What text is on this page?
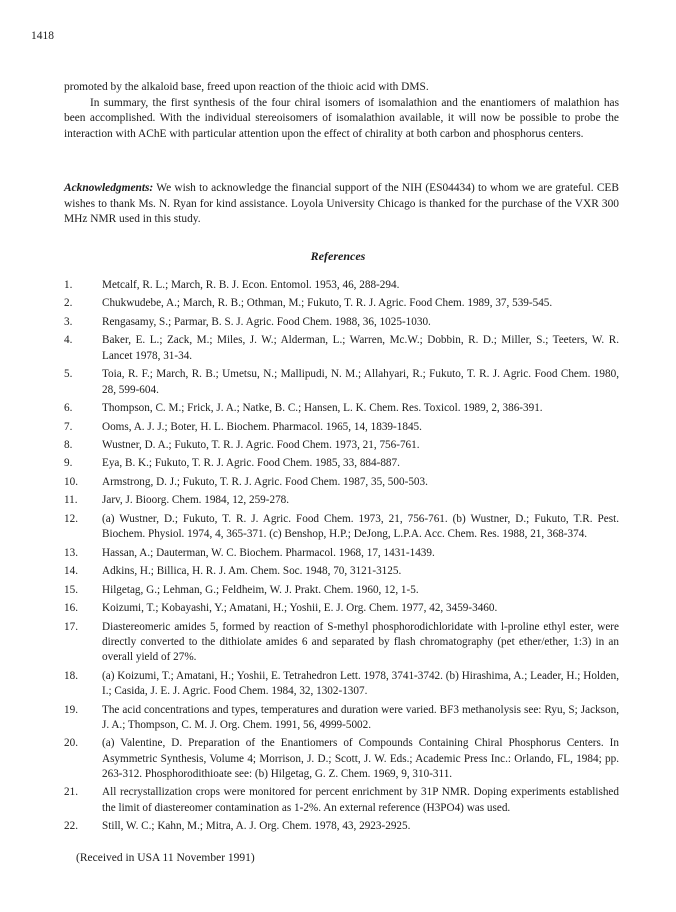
1418
promoted by the alkaloid base, freed upon reaction of the thioic acid with DMS.
In summary, the first synthesis of the four chiral isomers of isomalathion and the enantiomers of malathion has been accomplished. With the individual stereoisomers of isomalathion available, it will now be possible to probe the interaction with AChE with particular attention upon the effect of chirality at both carbon and phosphorus centers.
Acknowledgments: We wish to acknowledge the financial support of the NIH (ES04434) to whom we are grateful. CEB wishes to thank Ms. N. Ryan for kind assistance. Loyola University Chicago is thanked for the purchase of the VXR 300 MHz NMR used in this study.
References
1.	Metcalf, R. L.; March, R. B. J. Econ. Entomol. 1953, 46, 288-294.
2.	Chukwudebe, A.; March, R. B.; Othman, M.; Fukuto, T. R. J. Agric. Food Chem. 1989, 37, 539-545.
3.	Rengasamy, S.; Parmar, B. S. J. Agric. Food Chem. 1988, 36, 1025-1030.
4.	Baker, E. L.; Zack, M.; Miles, J. W.; Alderman, L.; Warren, Mc.W.; Dobbin, R. D.; Miller, S.; Teeters, W. R. Lancet 1978, 31-34.
5.	Toia, R. F.; March, R. B.; Umetsu, N.; Mallipudi, N. M.; Allahyari, R.; Fukuto, T. R. J. Agric. Food Chem. 1980, 28, 599-604.
6.	Thompson, C. M.; Frick, J. A.; Natke, B. C.; Hansen, L. K. Chem. Res. Toxicol. 1989, 2, 386-391.
7.	Ooms, A. J. J.; Boter, H. L. Biochem. Pharmacol. 1965, 14, 1839-1845.
8.	Wustner, D. A.; Fukuto, T. R. J. Agric. Food Chem. 1973, 21, 756-761.
9.	Eya, B. K.; Fukuto, T. R. J. Agric. Food Chem. 1985, 33, 884-887.
10. Armstrong, D. J.; Fukuto, T. R. J. Agric. Food Chem. 1987, 35, 500-503.
11. Jarv, J. Bioorg. Chem. 1984, 12, 259-278.
12. (a) Wustner, D.; Fukuto, T. R. J. Agric. Food Chem. 1973, 21, 756-761. (b) Wustner, D.; Fukuto, T.R. Pest. Biochem. Physiol. 1974, 4, 365-371. (c) Benshop, H.P.; DeJong, L.P.A. Acc. Chem. Res. 1988, 21, 368-374.
13. Hassan, A.; Dauterman, W. C. Biochem. Pharmacol. 1968, 17, 1431-1439.
14. Adkins, H.; Billica, H. R. J. Am. Chem. Soc. 1948, 70, 3121-3125.
15. Hilgetag, G.; Lehman, G.; Feldheim, W. J. Prakt. Chem. 1960, 12, 1-5.
16. Koizumi, T.; Kobayashi, Y.; Amatani, H.; Yoshii, E. J. Org. Chem. 1977, 42, 3459-3460.
17. Diastereomeric amides 5, formed by reaction of S-methyl phosphorodichloridate with l-proline ethyl ester, were directly converted to the dithiolate amides 6 and separated by flash chromatography (pet ether/ether, 1:3) in an overall yield of 27%.
18. (a) Koizumi, T.; Amatani, H.; Yoshii, E. Tetrahedron Lett. 1978, 3741-3742. (b) Hirashima, A.; Leader, H.; Holden, I.; Casida, J. E. J. Agric. Food Chem. 1984, 32, 1302-1307.
19. The acid concentrations and types, temperatures and duration were varied. BF3 methanolysis see: Ryu, S; Jackson, J. A.; Thompson, C. M. J. Org. Chem. 1991, 56, 4999-5002.
20. (a) Valentine, D. Preparation of the Enantiomers of Compounds Containing Chiral Phosphorus Centers. In Asymmetric Synthesis, Volume 4; Morrison, J. D.; Scott, J. W. Eds.; Academic Press Inc.: Orlando, FL, 1984; pp. 263-312. Phosphorodithioate see: (b) Hilgetag, G. Z. Chem. 1969, 9, 310-311.
21. All recrystallization crops were monitored for percent enrichment by 31P NMR. Doping experiments established the limit of diastereomer contamination as 1-2%. An external reference (H3PO4) was used.
22. Still, W. C.; Kahn, M.; Mitra, A. J. Org. Chem. 1978, 43, 2923-2925.
(Received in USA 11 November 1991)
